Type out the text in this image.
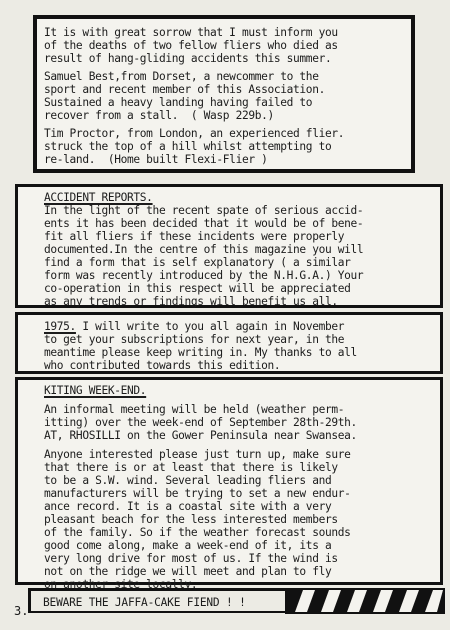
It is with great sorrow that I must inform you
of the deaths of two fellow fliers who died as
result of hang-gliding accidents this summer.
Samuel Best,from Dorset, a newcommer to the
sport and recent member of this Association.
Sustained a heavy landing having failed to
recover from a stall.  ( Wasp 229b.)
Tim Proctor, from London, an experienced flier.
struck the top of a hill whilst attempting to
re-land.  (Home built Flexi-Flier )
ACCIDENT REPORTS.
In the light of the recent spate of serious accid-
ents it has been decided that it would be of bene-
fit all fliers if these incidents were properly
documented.In the centre of this magazine you will
find a form that is self explanatory ( a similar
form was recently introduced by the N.H.G.A.) Your
co-operation in this respect will be appreciated
as any trends or findings will benefit us all.
1975. I will write to you all again in November
to get your subscriptions for next year, in the
meantime please keep writing in. My thanks to all
who contributed towards this edition.
KITING WEEK-END.
An informal meeting will be held (weather perm-
itting) over the week-end of September 28th-29th.
AT, RHOSILLI on the Gower Peninsula near Swansea.
Anyone interested please just turn up, make sure
that there is or at least that there is likely
to be a S.W. wind. Several leading fliers and
manufacturers will be trying to set a new endur-
ance record. It is a coastal site with a very
pleasant beach for the less interested members
of the family. So if the weather forecast sounds
good come along, make a week-end of it, its a
very long drive for most of us. If the wind is
not on the ridge we will meet and plan to fly
on another site locally.
3.
BEWARE THE JAFFA-CAKE FIEND ! !
